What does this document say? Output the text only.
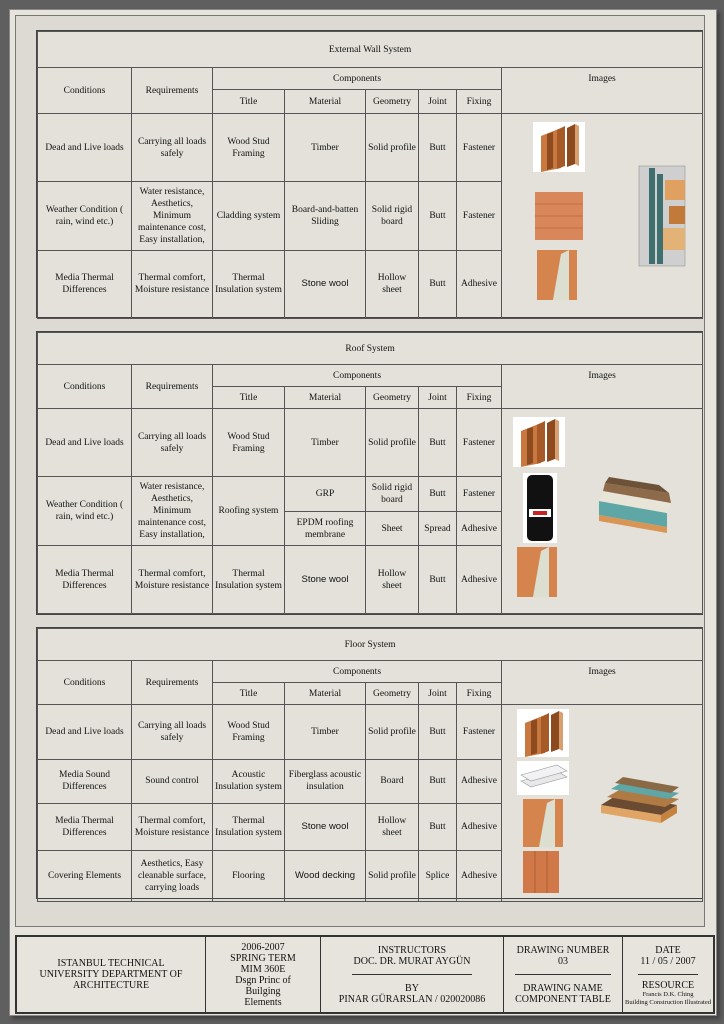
External Wall System							
Conditions	Requirements	Components					Images
		Title	Material	Geometry	Joint	Fixing	
Dead and Live loads	Carrying all loads safely	Wood Stud Framing	Timber	Solid profile	Butt	Fastener	
Weather Condition ( rain, wind etc.)	Water resistance, Aesthetics, Minimum maintenance cost, Easy installation,	Cladding system	Board-and-batten Sliding	Solid rigid board	Butt	Fastener	
Media Thermal Differences	Thermal comfort, Moisture resistance	Thermal Insulation system	Stone wool	Hollow sheet	Butt	Adhesive	
Roof System							
Conditions	Requirements	Components					Images
		Title	Material	Geometry	Joint	Fixing	
Dead and Live loads	Carrying all loads safely	Wood Stud Framing	Timber	Solid profile	Butt	Fastener	
Weather Condition ( rain, wind etc.)	Water resistance, Aesthetics, Minimum maintenance cost, Easy installation,	Roofing system	GRP	Solid rigid board	Butt	Fastener	
			EPDM roofing membrane	Sheet	Spread	Adhesive	
Media Thermal Differences	Thermal comfort, Moisture resistance	Thermal Insulation system	Stone wool	Hollow sheet	Butt	Adhesive	
Floor System							
Conditions	Requirements	Components					Images
		Title	Material	Geometry	Joint	Fixing	
Dead and Live loads	Carrying all loads safely	Wood Stud Framing	Timber	Solid profile	Butt	Fastener	
Media Sound Differences	Sound control	Acoustic Insulation system	Fiberglass acoustic insulation	Board	Butt	Adhesive	
Media Thermal Differences	Thermal comfort, Moisture resistance	Thermal Insulation system	Stone wool	Hollow sheet	Butt	Adhesive	
Covering Elements	Aesthetics, Easy cleanable surface, carrying loads	Flooring	Wood decking	Solid profile	Splice	Adhesive	
ISTANBUL TECHNICAL UNIVERSITY DEPARTMENT OF ARCHITECTURE
2006-2007
SPRING TERM
MIM 360E
Dsgn Princ of Builging Elements
INSTRUCTORS
DOC. DR. MURAT AYGÜN
BY
PINAR GÜRARSLAN / 020020086
DRAWING NUMBER
03
DRAWING NAME
COMPONENT TABLE
DATE
11 / 05 / 2007
RESOURCE
Francis D.K. Ching
Building Construction Illustrated
